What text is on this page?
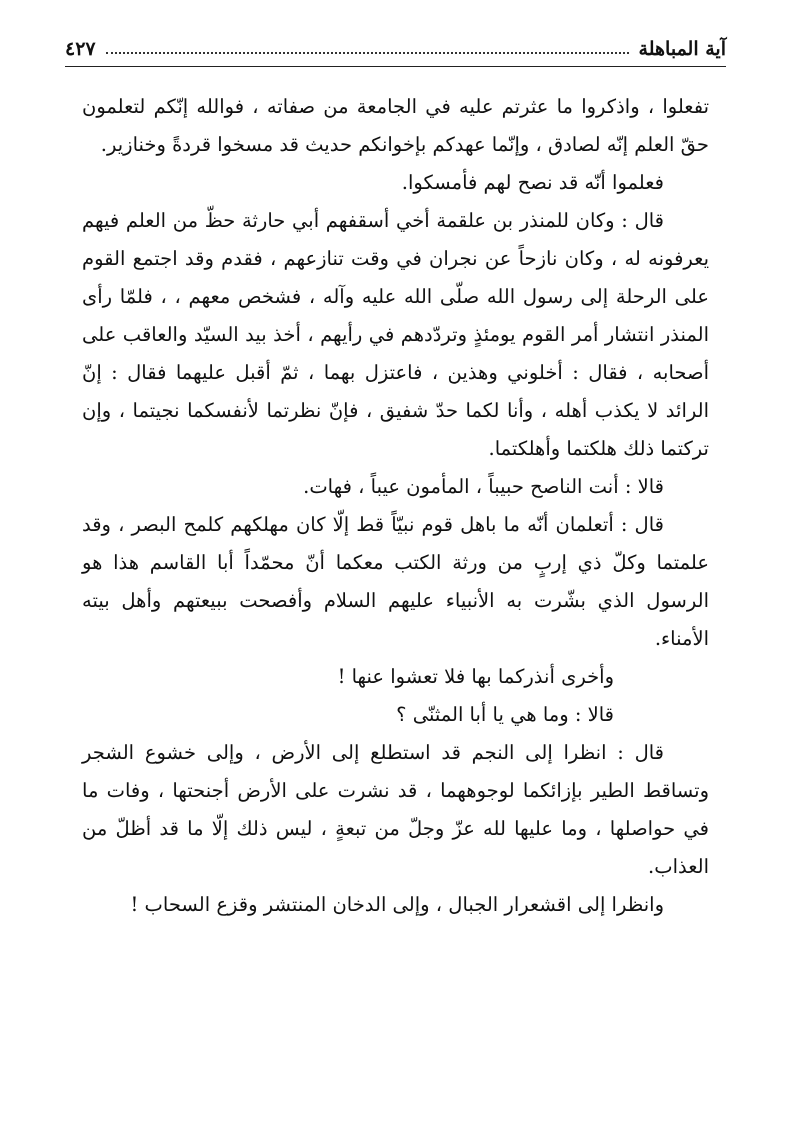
آية المباهلة
٤٢٧

تفعلوا ، واذكروا ما عثرتم عليه في الجامعة من صفاته ، فوالله إنّكم لتعلمون حقّ العلم إنّه لصادق ، وإنّما عهدكم بإخوانكم حديث قد مسخوا قردةً وخنازير.

فعلموا أنّه قد نصح لهم فأمسكوا.

قال : وكان للمنذر بن علقمة أخي أسقفهم أبي حارثة حظّ من العلم فيهم يعرفونه له ، وكان نازحاً عن نجران في وقت تنازعهم ، فقدم وقد اجتمع القوم على الرحلة إلى رسول الله صلّى الله عليه وآله ، فشخص معهم ، ، فلمّا رأى المنذر انتشار أمر القوم يومئذٍ وتردّدهم في رأيهم ، أخذ بيد السيّد والعاقب على أصحابه ، فقال : أخلوني وهذين ، فاعتزل بهما ، ثمّ أقبل عليهما فقال : إنّ الرائد لا يكذب أهله ، وأنا لكما حدّ شفيق ، فإنّ نظرتما لأنفسكما نجيتما ، وإن تركتما ذلك هلكتما وأهلكتما.

قالا : أنت الناصح حبيباً ، المأمون عيباً ، فهات.

قال : أتعلمان أنّه ما باهل قوم نبيّاً قط إلّا كان مهلكهم كلمح البصر ، وقد علمتما وكلّ ذي إربٍ من ورثة الكتب معكما أنّ محمّداً أبا القاسم هذا هو الرسول الذي بشّرت به الأنبياء عليهم السلام وأفصحت ببيعتهم وأهل بيته الأمناء.

وأخرى أنذركما بها فلا تعشوا عنها !

قالا : وما هي يا أبا المثنّى ؟

قال : انظرا إلى النجم قد استطلع إلى الأرض ، وإلى خشوع الشجر وتساقط الطير بإزائكما لوجوههما ، قد نشرت على الأرض أجنحتها ، وفات ما في حواصلها ، وما عليها لله عزّ وجلّ من تبعةٍ ، ليس ذلك إلّا ما قد أظلّ من العذاب.

وانظرا إلى اقشعرار الجبال ، وإلى الدخان المنتشر وقزع السحاب !
